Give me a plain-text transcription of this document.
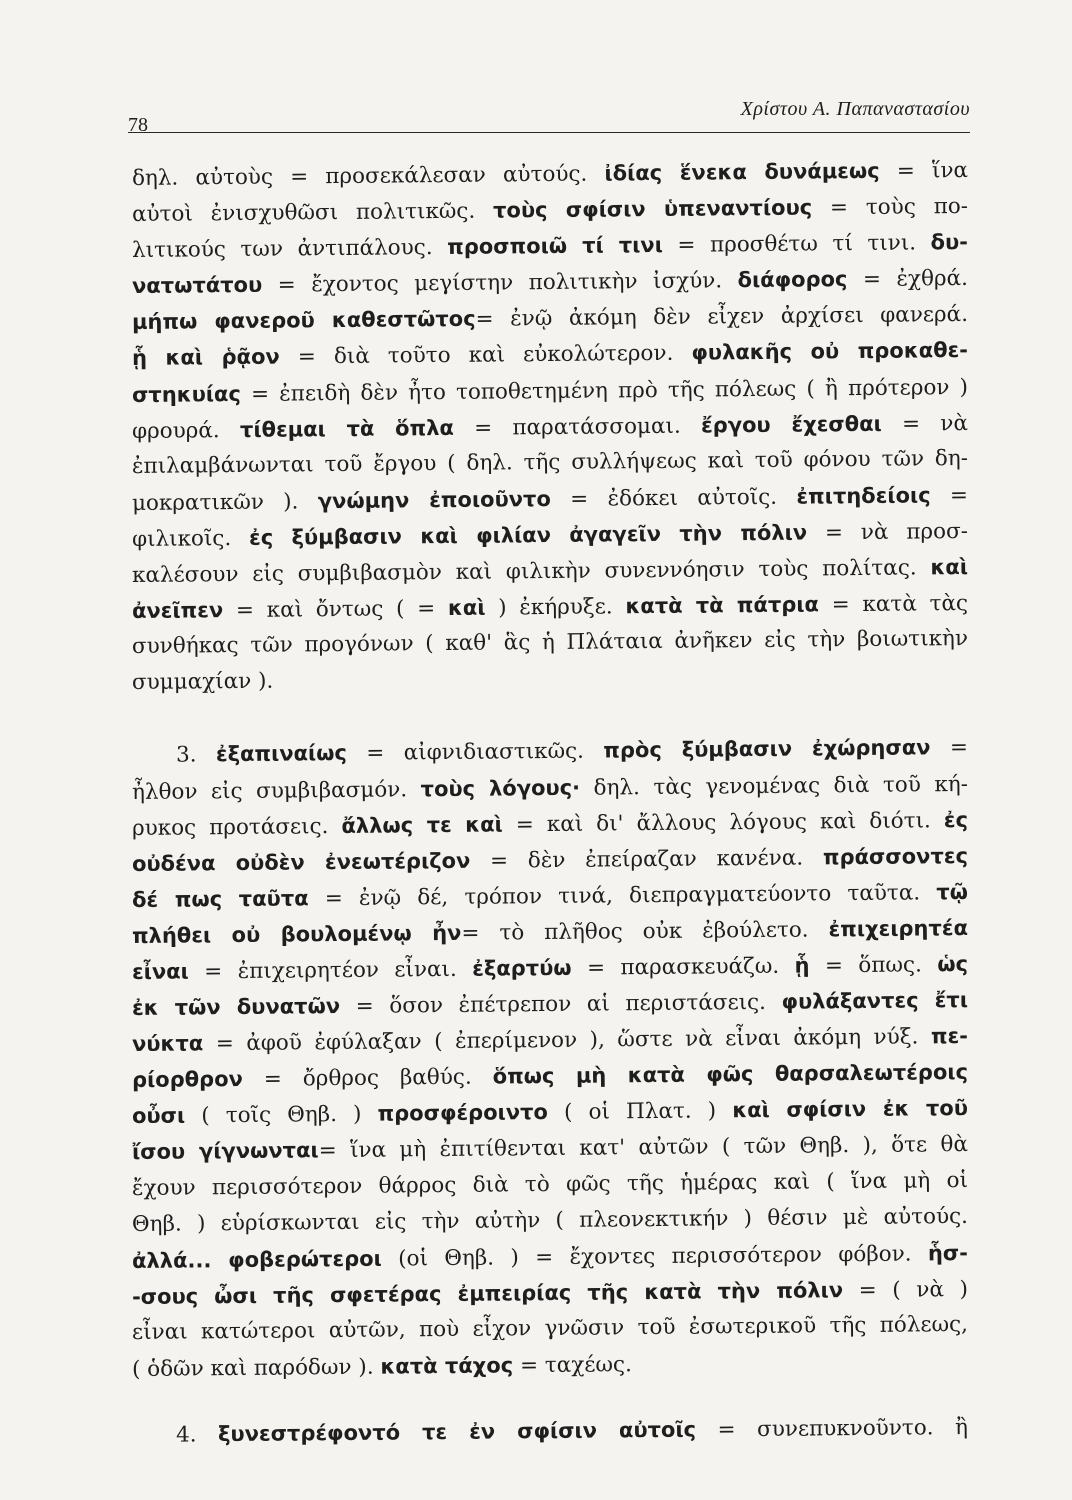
78
Χρίστου Α. Παπαναστασίου
δηλ. αὐτοὺς = προσεκάλεσαν αὐτούς. ἰδίας ἕνεκα δυνάμεως = ἵνα
αὐτοὶ ἐνισχυθῶσι πολιτικῶς. τοὺς σφίσιν ὑπεναντίους = τοὺς πο-
λιτικούς των ἀντιπάλους. προσποιῶ τί τινι = προσθέτω τί τινι. δυ-
νατωτάτου = ἔχοντος μεγίστην πολιτικὴν ἰσχύν. διάφορος = ἐχθρά.
μήπω φανεροῦ καθεστῶτος= ἐνῷ ἀκόμη δὲν εἶχεν ἀρχίσει φανερά.
ᾗ καὶ ῥᾷον = διὰ τοῦτο καὶ εὐκολώτερον. φυλακῆς οὐ προκαθε-
στηκυίας = ἐπειδὴ δὲν ἦτο τοποθετημένη πρὸ τῆς πόλεως ( ἢ πρότερον )
φρουρά. τίθεμαι τὰ ὅπλα = παρατάσσομαι. ἔργου ἔχεσθαι = νὰ
ἐπιλαμβάνωνται τοῦ ἔργου ( δηλ. τῆς συλλήψεως καὶ τοῦ φόνου τῶν δη-
μοκρατικῶν ). γνώμην ἐποιοῦντο = ἐδόκει αὐτοῖς. ἐπιτηδείοις =
φιλικοῖς. ἐς ξύμβασιν καὶ φιλίαν ἀγαγεῖν τὴν πόλιν = νὰ προσ-
καλέσουν εἰς συμβιβασμὸν καὶ φιλικὴν συνεννόησιν τοὺς πολίτας. καὶ
ἀνεῖπεν = καὶ ὄντως ( = καὶ ) ἐκήρυξε. κατὰ τὰ πάτρια = κατὰ τὰς
συνθήκας τῶν προγόνων ( καθ' ἃς ἡ Πλάταια ἀνῆκεν εἰς τὴν βοιωτικὴν
συμμαχίαν ).
3. ἐξαπιναίως = αἰφνιδιαστικῶς. πρὸς ξύμβασιν ἐχώρησαν =
ἦλθον εἰς συμβιβασμόν. τοὺς λόγους· δηλ. τὰς γενομένας διὰ τοῦ κή-
ρυκος προτάσεις. ἄλλως τε καὶ = καὶ δι' ἄλλους λόγους καὶ διότι. ἐς
οὐδένα οὐδὲν ἐνεωτέριζον = δὲν ἐπείραζαν κανένα. πράσσοντες
δέ πως ταῦτα = ἐνῷ δέ, τρόπον τινά, διεπραγματεύοντο ταῦτα. τῷ
πλήθει οὐ βουλομένῳ ἦν= τὸ πλῆθος οὐκ ἐβούλετο. ἐπιχειρητέα
εἶναι = ἐπιχειρητέον εἶναι. ἐξαρτύω = παρασκευάζω. ᾗ = ὅπως. ὡς
ἐκ τῶν δυνατῶν = ὅσον ἐπέτρεπον αἱ περιστάσεις. φυλάξαντες ἔτι
νύκτα = ἀφοῦ ἐφύλαξαν ( ἐπερίμενον ), ὥστε νὰ εἶναι ἀκόμη νύξ. πε-
ρίορθρον = ὄρθρος βαθύς. ὅπως μὴ κατὰ φῶς θαρσαλεωτέροις
οὖσι ( τοῖς Θηβ. ) προσφέροιντο ( οἱ Πλατ. ) καὶ σφίσιν ἐκ τοῦ
ἴσου γίγνωνται= ἵνα μὴ ἐπιτίθενται κατ' αὐτῶν ( τῶν Θηβ. ), ὅτε θὰ
ἔχουν περισσότερον θάρρος διὰ τὸ φῶς τῆς ἡμέρας καὶ ( ἵνα μὴ οἱ
Θηβ. ) εὑρίσκωνται εἰς τὴν αὐτὴν ( πλεονεκτικήν ) θέσιν μὲ αὐτούς.
ἀλλά... φοβερώτεροι (οἱ Θηβ. ) = ἔχοντες περισσότερον φόβον. ἧσ-
-σους ὦσι τῆς σφετέρας ἐμπειρίας τῆς κατὰ τὴν πόλιν = ( νὰ )
εἶναι κατώτεροι αὐτῶν, ποὺ εἶχον γνῶσιν τοῦ ἐσωτερικοῦ τῆς πόλεως,
( ὁδῶν καὶ παρόδων ). κατὰ τάχος = ταχέως.
4. ξυνεστρέφοντό τε ἐν σφίσιν αὐτοῖς = συνεπυκνοῦντο. ἢ
